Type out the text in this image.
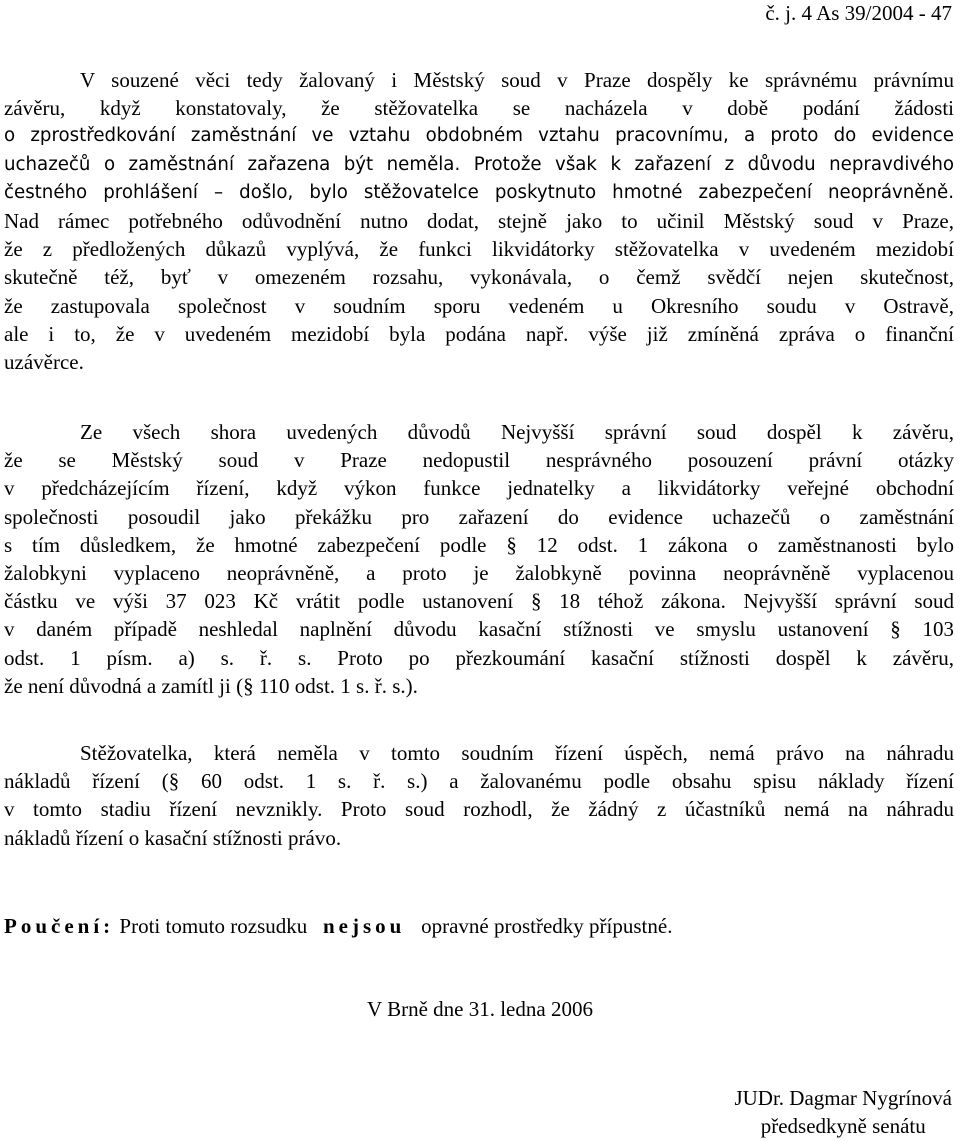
č. j. 4 As 39/2004 - 47
V souzené věci tedy žalovaný i Městský soud v Praze dospěly ke správnému právnímu
závěru, když konstatovaly, že stěžovatelka se nacházela v době podání žádosti
o zprostředkování zaměstnání ve vztahu obdobném vztahu pracovnímu, a proto do evidence
uchazečů o zaměstnání zařazena být neměla. Protože však k zařazení z důvodu nepravdivého
čestného prohlášení – došlo, bylo stěžovatelce poskytnuto hmotné zabezpečení neoprávněně.
Nad rámec potřebného odůvodnění nutno dodat, stejně jako to učinil Městský soud v Praze,
že z předložených důkazů vyplývá, že funkci likvidátorky stěžovatelka v uvedeném mezidobí
skutečně též, byť v omezeném rozsahu, vykonávala, o čemž svědčí nejen skutečnost,
že zastupovala společnost v soudním sporu vedeném u Okresního soudu v Ostravě,
ale i to, že v uvedeném mezidobí byla podána např. výše již zmíněná zpráva o finanční
uzávěrce.
Ze všech shora uvedených důvodů Nejvyšší správní soud dospěl k závěru,
že se Městský soud v Praze nedopustil nesprávného posouzení právní otázky
v předcházejícím řízení, když výkon funkce jednatelky a likvidátorky veřejné obchodní
společnosti posoudil jako překážku pro zařazení do evidence uchazečů o zaměstnání
s tím důsledkem, že hmotné zabezpečení podle § 12 odst. 1 zákona o zaměstnanosti bylo
žalobkyni vyplaceno neoprávněně, a proto je žalobkyně povinna neoprávněně vyplacenou
částku ve výši 37 023 Kč vrátit podle ustanovení § 18 téhož zákona. Nejvyšší správní soud
v daném případě neshledal naplnění důvodu kasační stížnosti ve smyslu ustanovení § 103
odst. 1 písm. a) s. ř. s. Proto po přezkoumání kasační stížnosti dospěl k závěru,
že není důvodná a zamítl ji (§ 110 odst. 1 s. ř. s.).
Stěžovatelka, která neměla v tomto soudním řízení úspěch, nemá právo na náhradu
nákladů řízení (§ 60 odst. 1 s. ř. s.) a žalovanému podle obsahu spisu náklady řízení
v tomto stadiu řízení nevznikly. Proto soud rozhodl, že žádný z účastníků nemá na náhradu
nákladů řízení o kasační stížnosti právo.
Poučení: Proti tomuto rozsudku nejsou opravné prostředky přípustné.
V Brně dne 31. ledna 2006
JUDr. Dagmar Nygrínová
předsedkyně senátu
